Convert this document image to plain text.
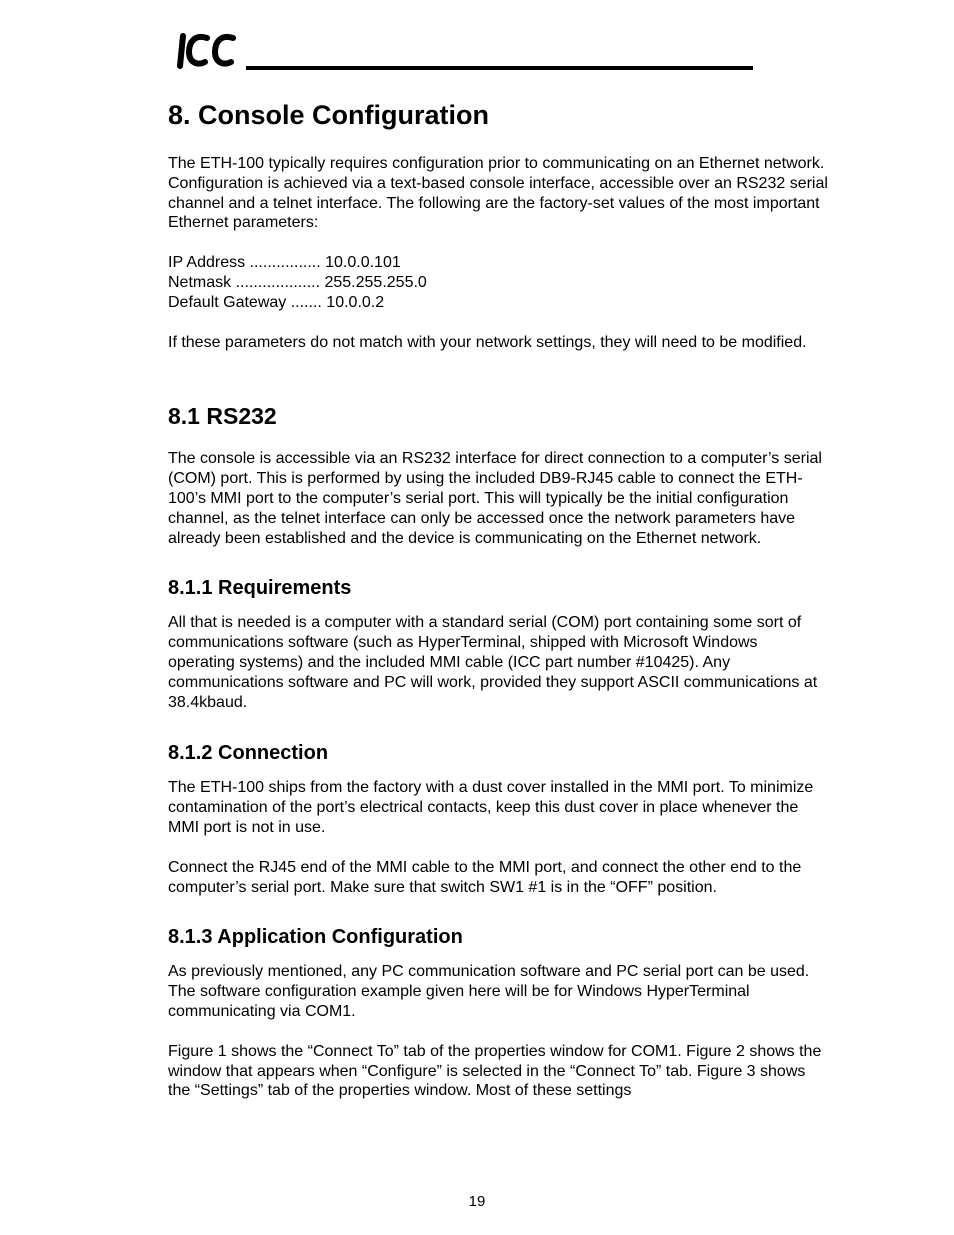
8. Console Configuration

The ETH-100 typically requires configuration prior to communicating on an Ethernet network. Configuration is achieved via a text-based console interface, accessible over an RS232 serial channel and a telnet interface. The following are the factory-set values of the most important Ethernet parameters:

IP Address ................ 10.0.0.101
Netmask ................... 255.255.255.0
Default Gateway ....... 10.0.0.2

If these parameters do not match with your network settings, they will need to be modified.

8.1 RS232

The console is accessible via an RS232 interface for direct connection to a computer’s serial (COM) port. This is performed by using the included DB9-RJ45 cable to connect the ETH-100’s MMI port to the computer’s serial port. This will typically be the initial configuration channel, as the telnet interface can only be accessed once the network parameters have already been established and the device is communicating on the Ethernet network.

8.1.1 Requirements

All that is needed is a computer with a standard serial (COM) port containing some sort of communications software (such as HyperTerminal, shipped with Microsoft Windows operating systems) and the included MMI cable (ICC part number #10425). Any communications software and PC will work, provided they support ASCII communications at 38.4kbaud.

8.1.2 Connection

The ETH-100 ships from the factory with a dust cover installed in the MMI port. To minimize contamination of the port’s electrical contacts, keep this dust cover in place whenever the MMI port is not in use.

Connect the RJ45 end of the MMI cable to the MMI port, and connect the other end to the computer’s serial port. Make sure that switch SW1 #1 is in the “OFF” position.

8.1.3 Application Configuration

As previously mentioned, any PC communication software and PC serial port can be used. The software configuration example given here will be for Windows HyperTerminal communicating via COM1.

Figure 1 shows the “Connect To” tab of the properties window for COM1. Figure 2 shows the window that appears when “Configure” is selected in the “Connect To” tab. Figure 3 shows the “Settings” tab of the properties window. Most of these settings

19
